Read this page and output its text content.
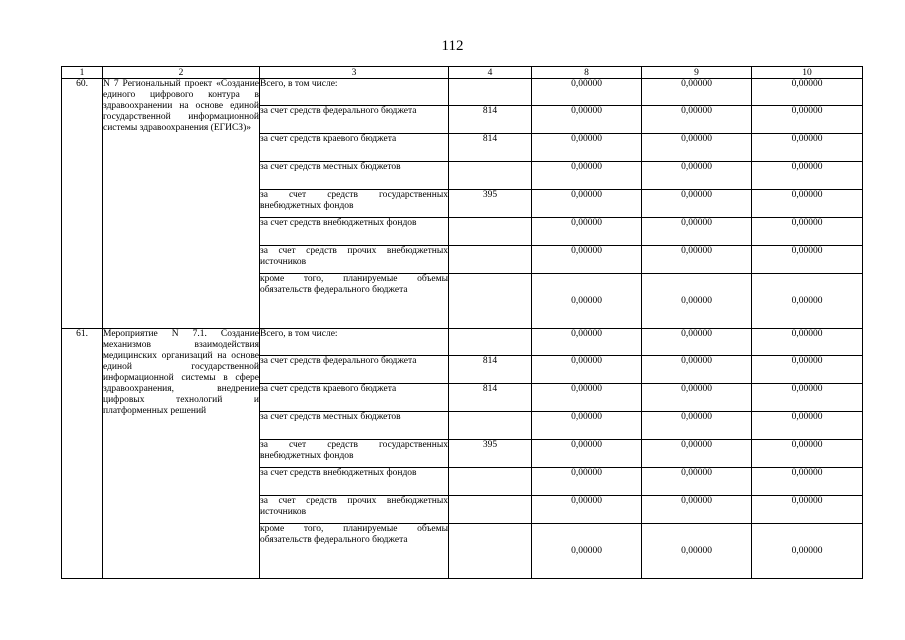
112
1	2	3	4	8	9	10
60.	N 7 Региональный проект «Создание единого цифрового контура в здравоохранении на основе единой государственной информационной системы здравоохранения (ЕГИСЗ)»	Всего, в том числе:		0,00000	0,00000	0,00000
		за счет средств федерального бюджета	814	0,00000	0,00000	0,00000
		за счет средств краевого бюджета	814	0,00000	0,00000	0,00000
		за счет средств местных бюджетов		0,00000	0,00000	0,00000
		за счет средств государственных внебюджетных фондов	395	0,00000	0,00000	0,00000
		за счет средств внебюджетных фондов		0,00000	0,00000	0,00000
		за счет средств прочих внебюджетных источников		0,00000	0,00000	0,00000
		кроме того, планируемые объемы обязательств федерального бюджета		0,00000	0,00000	0,00000
61.	Мероприятие N 7.1. Создание механизмов взаимодействия медицинских организаций на основе единой государственной информационной системы в сфере здравоохранения, внедрение цифровых технологий и платформенных решений	Всего, в том числе:		0,00000	0,00000	0,00000
		за счет средств федерального бюджета	814	0,00000	0,00000	0,00000
		за счет средств краевого бюджета	814	0,00000	0,00000	0,00000
		за счет средств местных бюджетов		0,00000	0,00000	0,00000
		за счет средств государственных внебюджетных фондов	395	0,00000	0,00000	0,00000
		за счет средств внебюджетных фондов		0,00000	0,00000	0,00000
		за счет средств прочих внебюджетных источников		0,00000	0,00000	0,00000
		кроме того, планируемые объемы обязательств федерального бюджета		0,00000	0,00000	0,00000
